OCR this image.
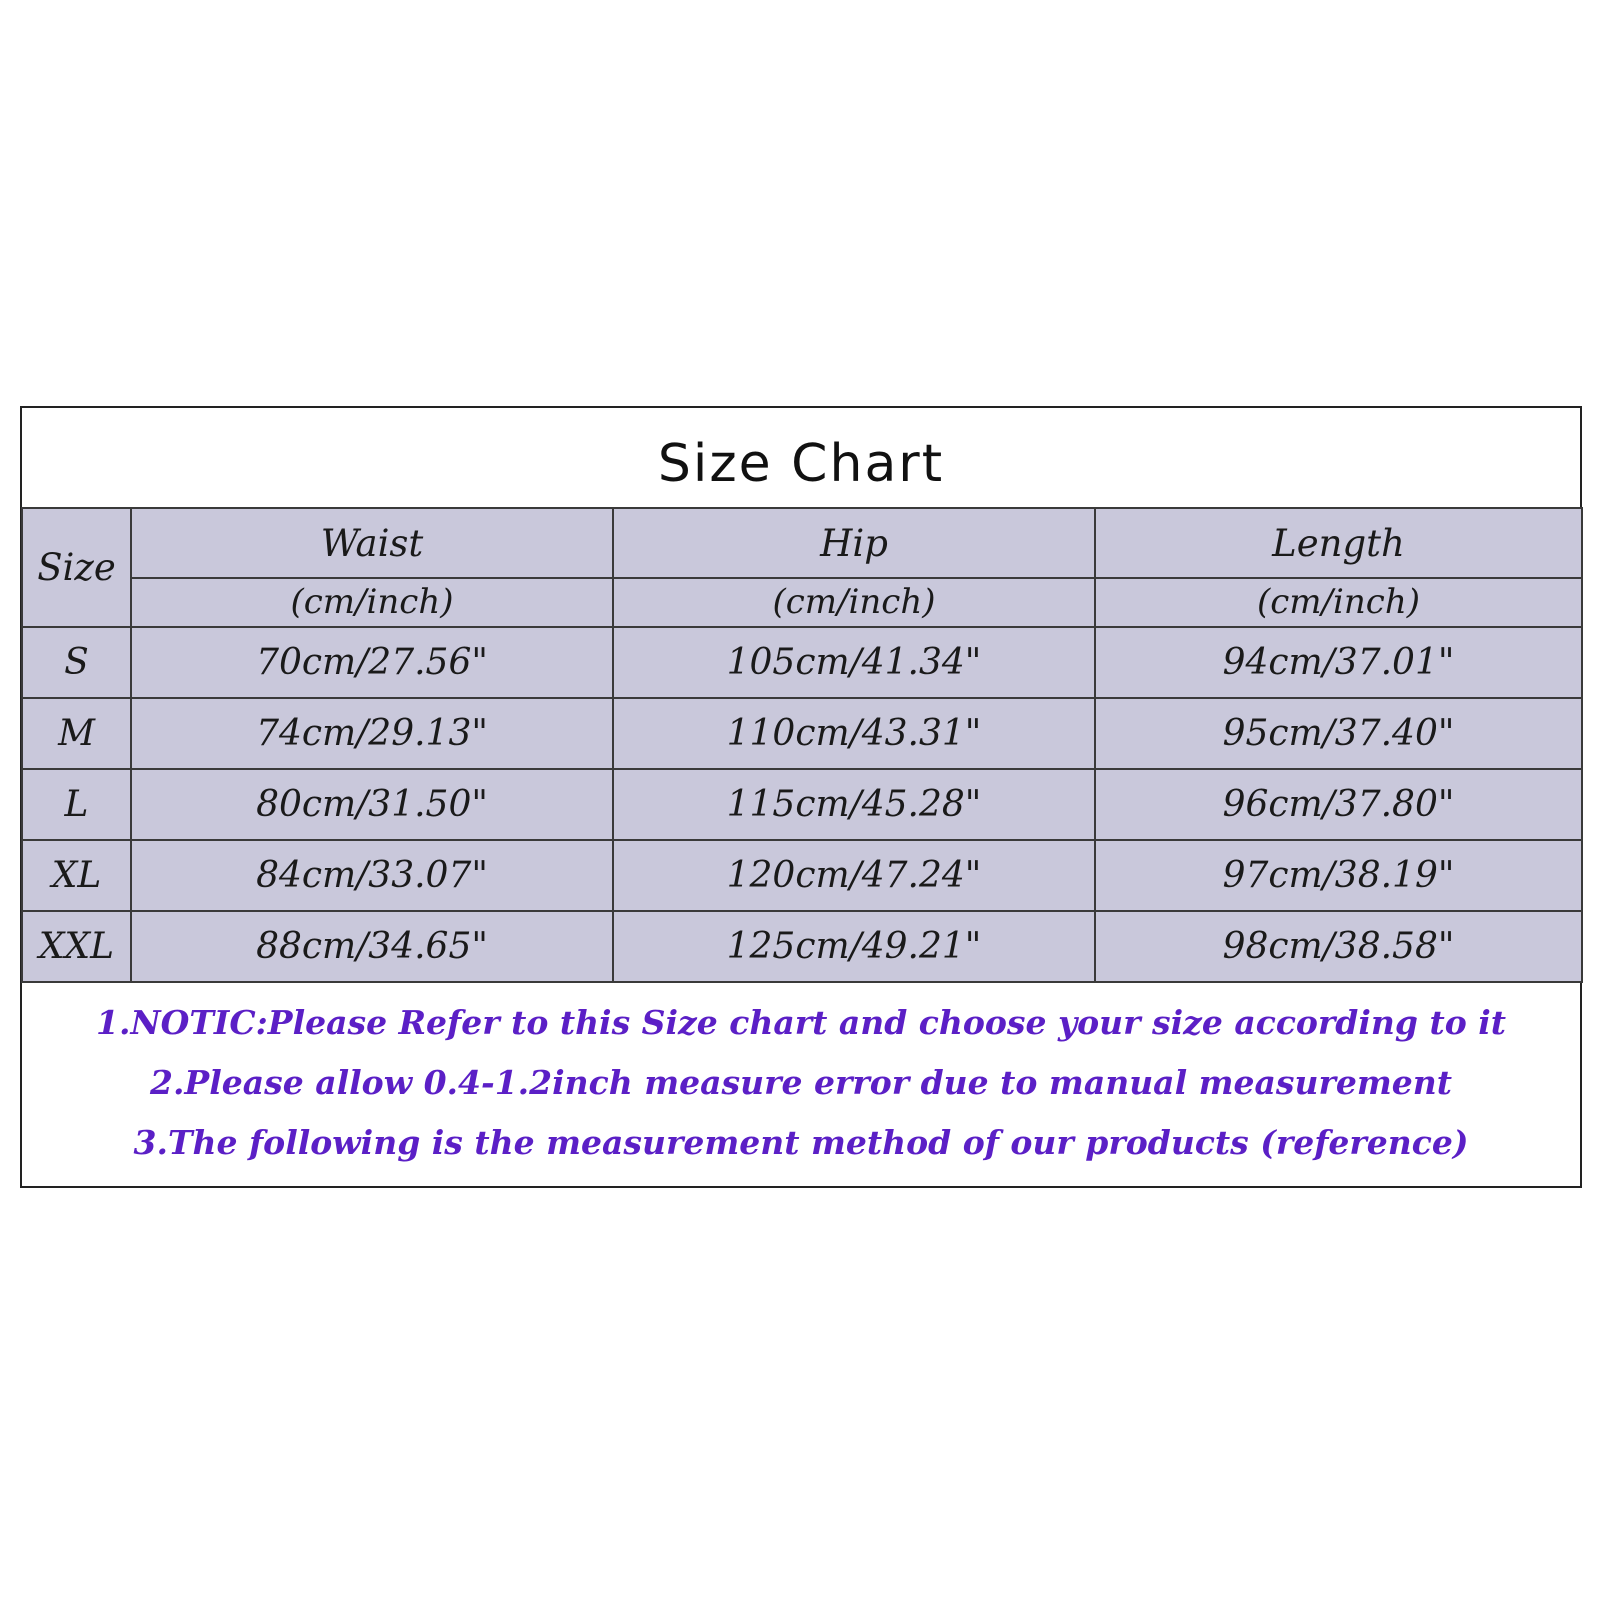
Size Chart
Size	Waist	Hip	Length
	(cm/inch)	(cm/inch)	(cm/inch)
S	70cm/27.56"	105cm/41.34"	94cm/37.01"
M	74cm/29.13"	110cm/43.31"	95cm/37.40"
L	80cm/31.50"	115cm/45.28"	96cm/37.80"
XL	84cm/33.07"	120cm/47.24"	97cm/38.19"
XXL	88cm/34.65"	125cm/49.21"	98cm/38.58"
1.NOTIC:Please Refer to this Size chart and choose your size according to it
2.Please allow 0.4-1.2inch measure error due to manual measurement
3.The following is the measurement method of our products (reference)
